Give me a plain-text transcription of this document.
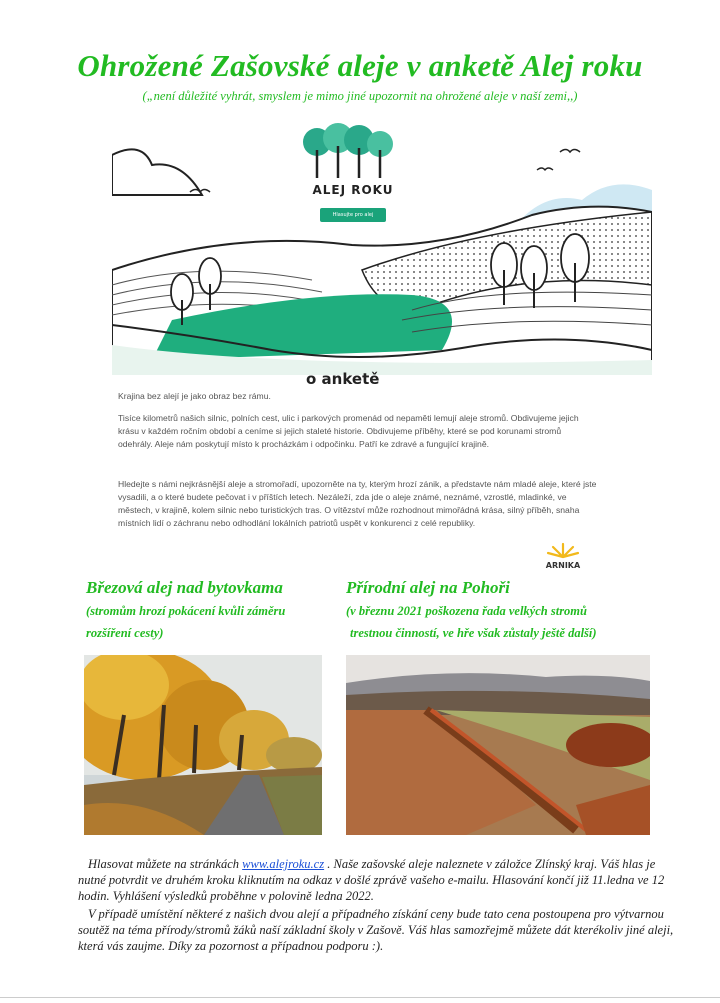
Ohrožené Zašovské aleje v anketě Alej roku
(„není důležité vyhrát, smyslem je mimo jiné upozornit na ohrožené aleje v naší zemi,,)
ALEJ ROKU
Hlasujte pro alej
o anketě
Krajina bez alejí je jako obraz bez rámu.
Tisíce kilometrů našich silnic, polních cest, ulic i parkových promenád od nepaměti lemují aleje stromů. Obdivujeme jejich krásu v každém ročním období a ceníme si jejich staleté historie. Obdivujeme příběhy, které se pod korunami stromů odehrály. Aleje nám poskytují místo k procházkám i odpočinku. Patří ke zdravé a fungující krajině.
Hledejte s námi nejkrásnější aleje a stromořadí, upozorněte na ty, kterým hrozí zánik, a představte nám mladé aleje, které jste vysadili, a o které budete pečovat i v příštích letech. Nezáleží, zda jde o aleje známé, neznámé, vzrostlé, mladinké, ve městech, v krajině, kolem silnic nebo turistických tras. O vítězství může rozhodnout mimořádná krása, silný příběh, snaha místních lidí o záchranu nebo odhodlání lokálních patriotů uspět v konkurenci z celé republiky.
ARNIKA
Březová alej nad bytovkama
(stromům hrozí pokácení kvůli záměru
rozšíření cesty)
Přírodní alej na Pohoři
(v březnu 2021 poškozena řada velkých stromů
trestnou činností, ve hře však zůstaly ještě další)
Hlasovat můžete na stránkách www.alejroku.cz . Naše zašovské aleje naleznete v záložce Zlínský kraj. Váš hlas je nutné potvrdit ve druhém kroku kliknutím na odkaz v došlé zprávě vašeho e-mailu. Hlasování končí již 11.ledna ve 12 hodin. Vyhlášení výsledků proběhne v polovině ledna 2022.
V případě umístění některé z našich dvou alejí a případného získání ceny bude tato cena postoupena pro výtvarnou soutěž na téma přírody/stromů žáků naší základní školy v Zašově. Váš hlas samozřejmě můžete dát kterékoliv jiné aleji, která vás zaujme. Díky za pozornost a případnou podporu :).
